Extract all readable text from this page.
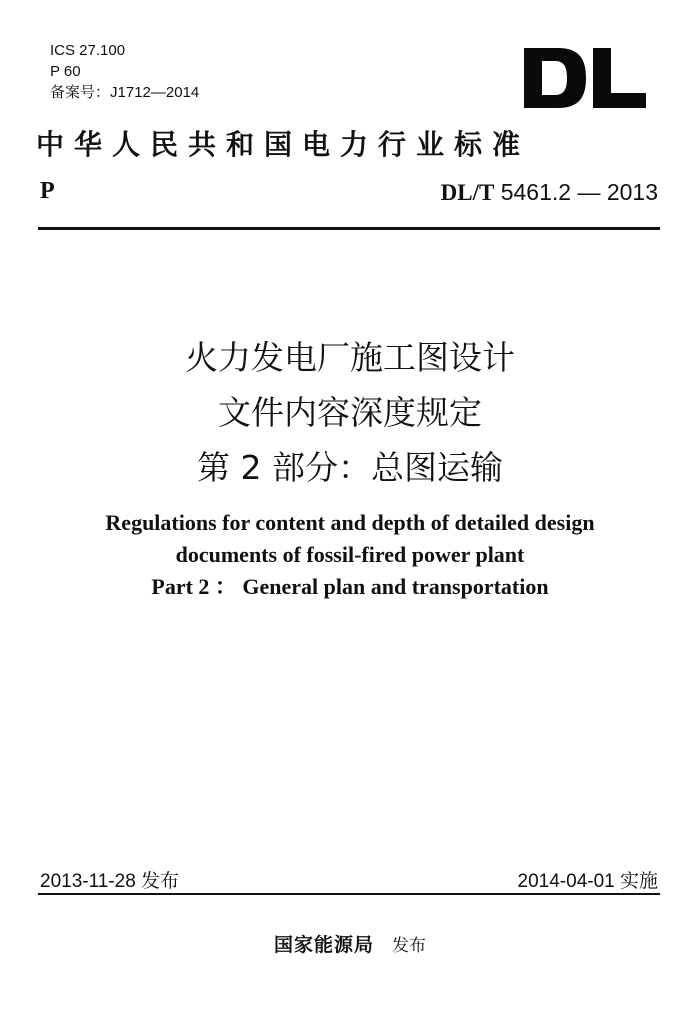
ICS 27.100
P 60
备案号：J1712—2014
中华人民共和国电力行业标准
P	DL/T 5461.2 — 2013
火力发电厂施工图设计
文件内容深度规定
第 2 部分：总图运输
Regulations for content and depth of detailed design
documents of fossil-fired power plant
Part 2 ： General plan and transportation
2013-11-28 发布	2014-04-01 实施
国家能源局 发布
